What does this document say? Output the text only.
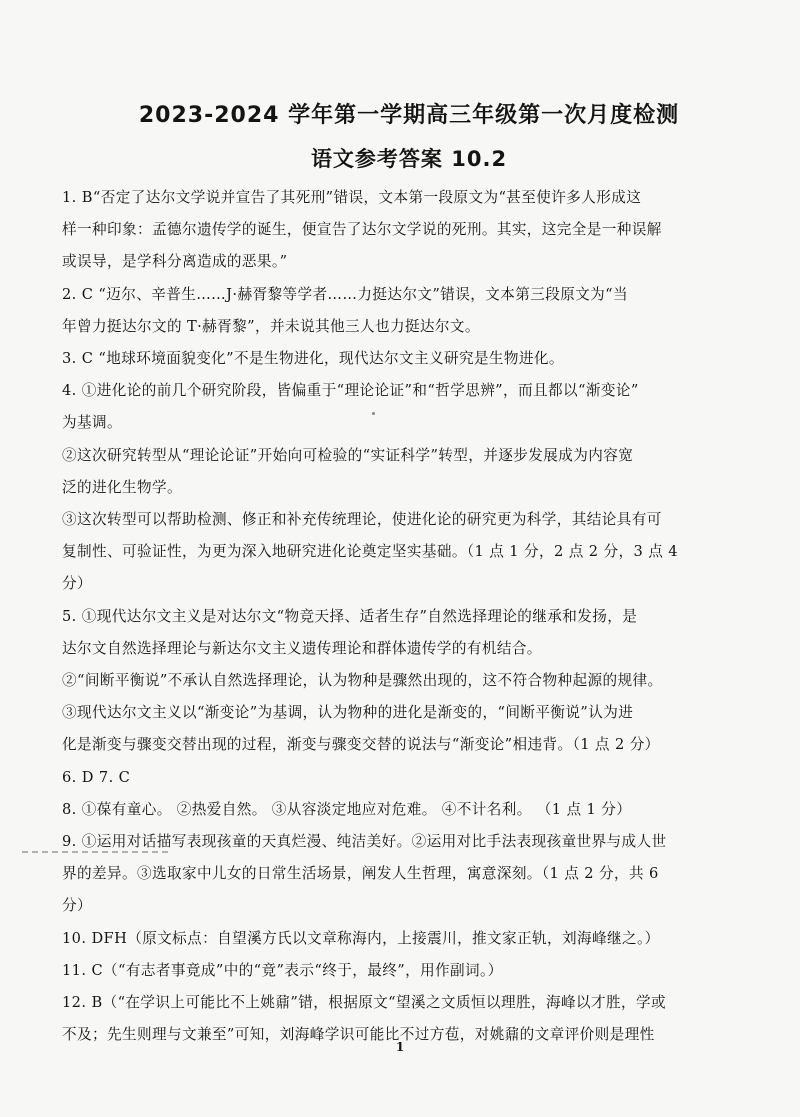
2023-2024 学年第一学期高三年级第一次月度检测
语文参考答案 10.2
1. B“否定了达尔文学说并宣告了其死刑”错误，文本第一段原文为“甚至使许多人形成这
样一种印象：孟德尔遗传学的诞生，便宣告了达尔文学说的死刑。其实，这完全是一种误解
或误导，是学科分离造成的恶果。”
2. C “迈尔、辛普生……J·赫胥黎等学者……力挺达尔文”错误，文本第三段原文为“当
年曾力挺达尔文的 T·赫胥黎”，并未说其他三人也力挺达尔文。
3. C “地球环境面貌变化”不是生物进化，现代达尔文主义研究是生物进化。
4. ①进化论的前几个研究阶段，皆偏重于“理论论证”和“哲学思辨”，而且都以“渐变论”
为基调。
②这次研究转型从“理论论证”开始向可检验的“实证科学”转型，并逐步发展成为内容宽
泛的进化生物学。
③这次转型可以帮助检测、修正和补充传统理论，使进化论的研究更为科学，其结论具有可
复制性、可验证性，为更为深入地研究进化论奠定坚实基础。（1 点 1 分，2 点 2 分，3 点 4
分）
5. ①现代达尔文主义是对达尔文“物竞天择、适者生存”自然选择理论的继承和发扬，是
达尔文自然选择理论与新达尔文主义遗传理论和群体遗传学的有机结合。
②“间断平衡说”不承认自然选择理论，认为物种是骤然出现的，这不符合物种起源的规律。
③现代达尔文主义以“渐变论”为基调，认为物种的进化是渐变的，“间断平衡说”认为进
化是渐变与骤变交替出现的过程，渐变与骤变交替的说法与“渐变论”相违背。（1 点 2 分）
6. D 7. C
8. ①葆有童心。 ②热爱自然。 ③从容淡定地应对危难。 ④不计名利。 （1 点 1 分）
9. ①运用对话描写表现孩童的天真烂漫、纯洁美好。②运用对比手法表现孩童世界与成人世
界的差异。③选取家中儿女的日常生活场景，阐发人生哲理，寓意深刻。（1 点 2 分，共 6
分）
10. DFH（原文标点：自望溪方氏以文章称海内，上接震川，推文家正轨，刘海峰继之。）
11. C（“有志者事竟成”中的“竟”表示“终于，最终”，用作副词。）
12. B（“在学识上可能比不上姚鼐”错，根据原文“望溪之文质恒以理胜，海峰以才胜，学或
不及；先生则理与文兼至”可知，刘海峰学识可能比不过方苞，对姚鼐的文章评价则是理性
1
